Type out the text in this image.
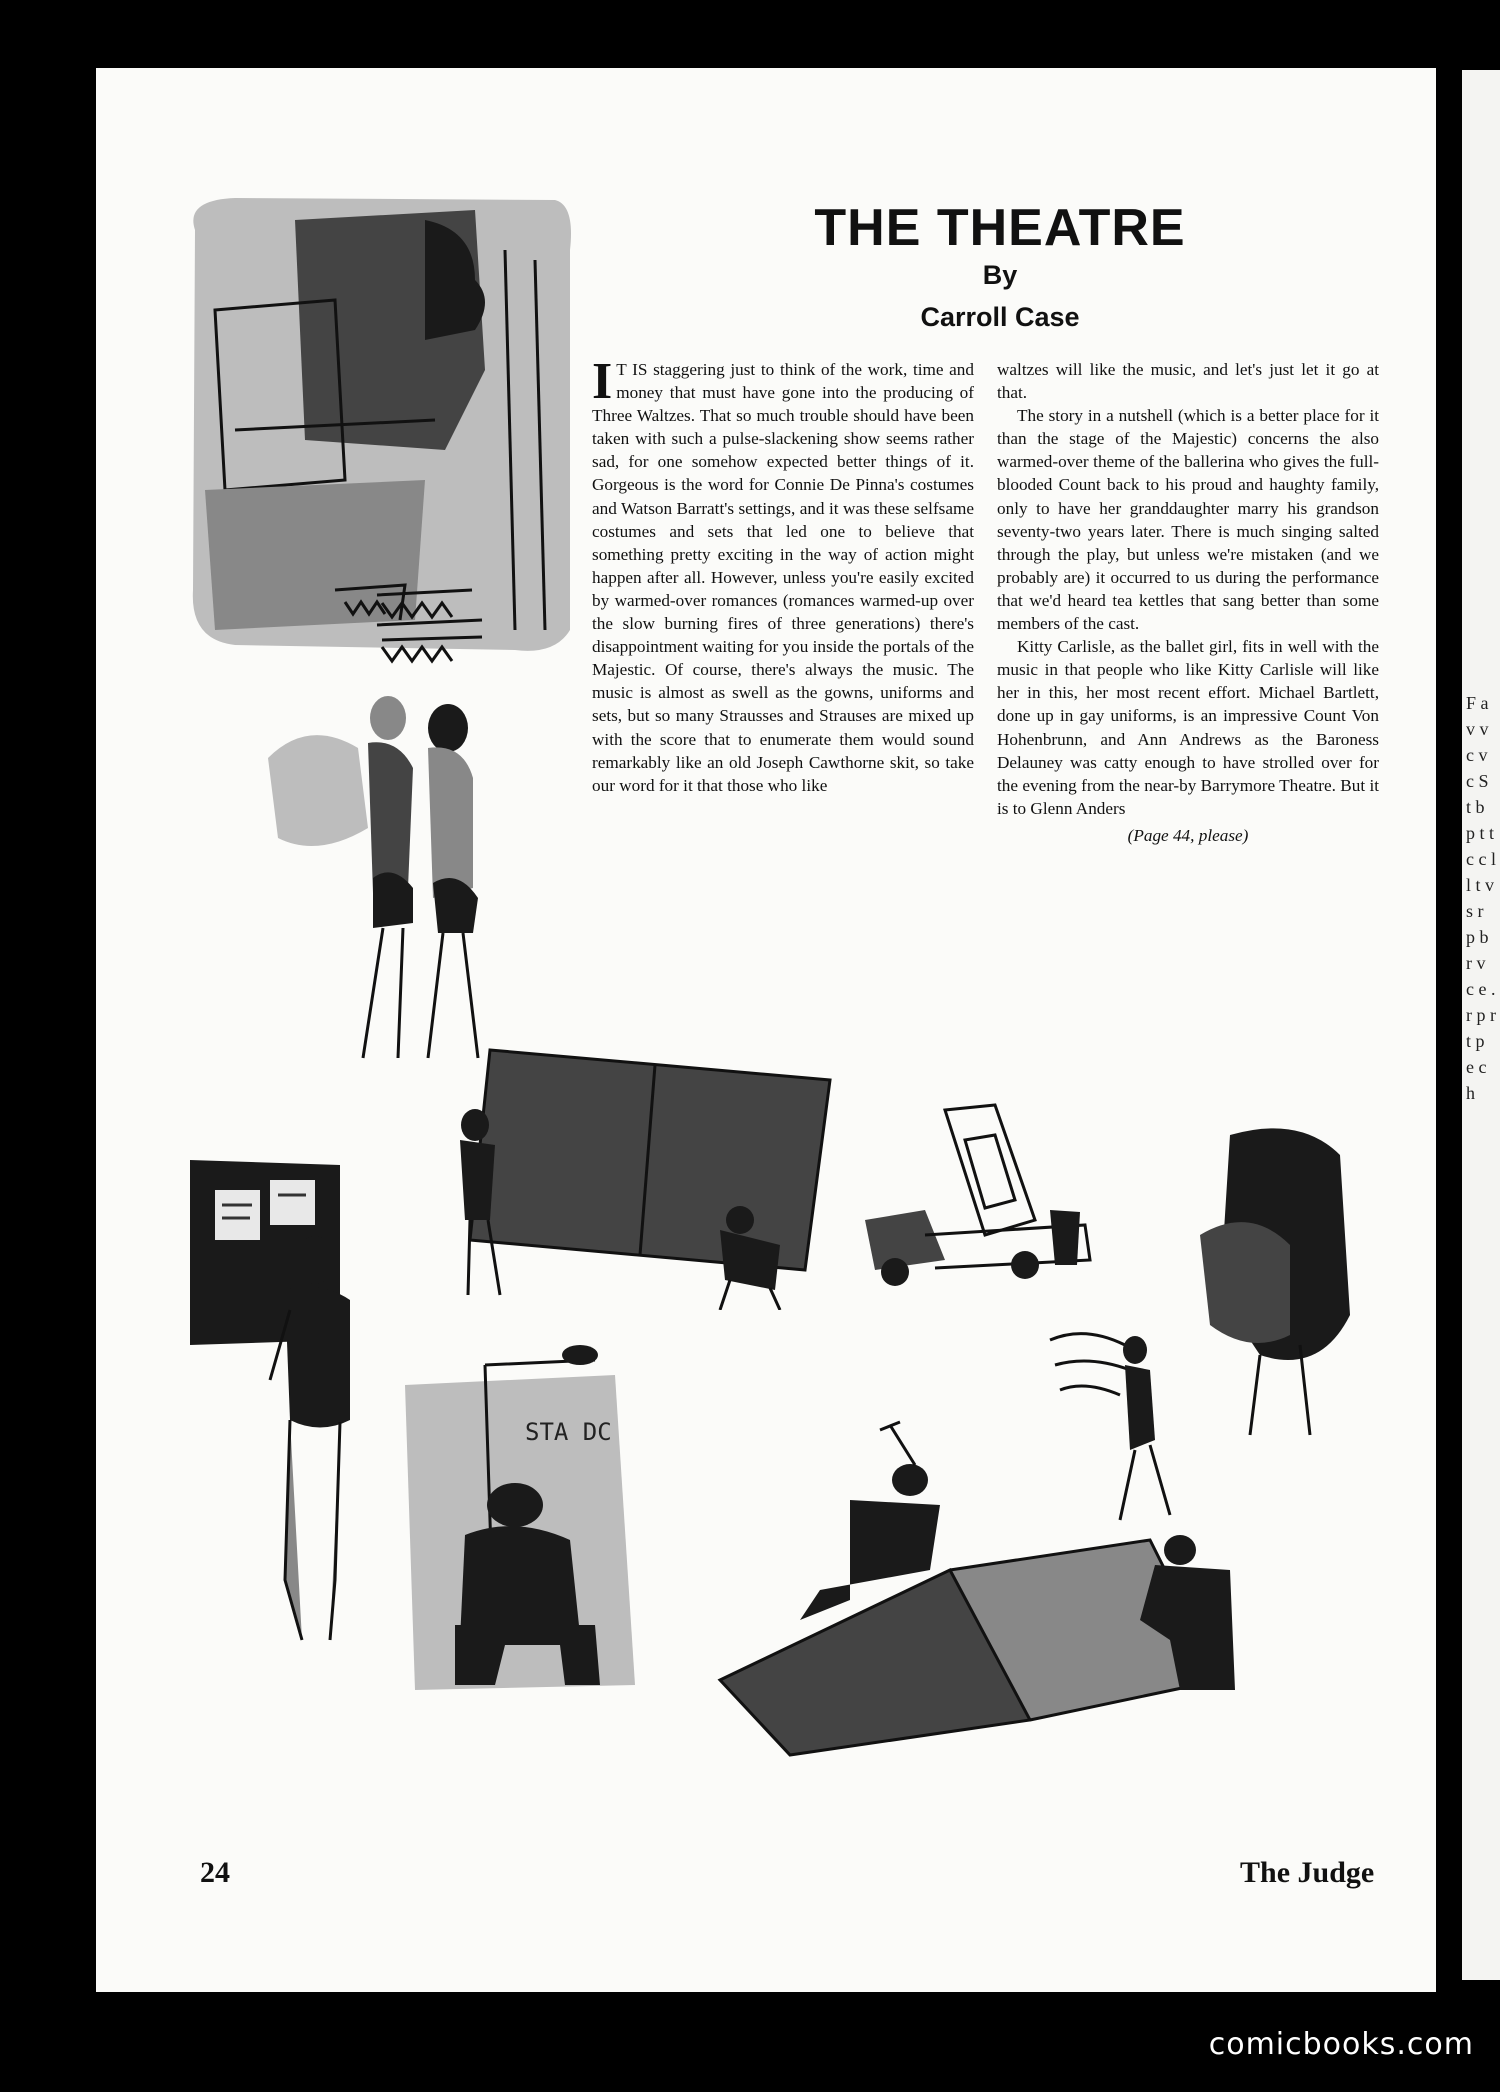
F a v v c v c S t b p t t c c l l t v s r p b r v c e . r p r t p e c h
STA DC
THE THEATRE
By
Carroll Case

I T IS staggering just to think of the work, time and money that must have gone into the producing of Three Waltzes. That so much trouble should have been taken with such a pulse-slackening show seems rather sad, for one somehow expected better things of it. Gorgeous is the word for Connie De Pinna's costumes and Watson Barratt's settings, and it was these selfsame costumes and sets that led one to believe that something pretty exciting in the way of action might happen after all. However, unless you're easily excited by warmed-over romances (romances warmed-up over the slow burning fires of three generations) there's disappointment waiting for you inside the portals of the Majestic. Of course, there's always the music. The music is almost as swell as the gowns, uniforms and sets, but so many Strausses and Strauses are mixed up with the score that to enumerate them would sound remarkably like an old Joseph Cawthorne skit, so take our word for it that those who like

waltzes will like the music, and let's just let it go at that.

The story in a nutshell (which is a better place for it than the stage of the Majestic) concerns the also warmed-over theme of the ballerina who gives the full-blooded Count back to his proud and haughty family, only to have her granddaughter marry his grandson seventy-two years later. There is much singing salted through the play, but unless we're mistaken (and we probably are) it occurred to us during the performance that we'd heard tea kettles that sang better than some members of the cast.

Kitty Carlisle, as the ballet girl, fits in well with the music in that people who like Kitty Carlisle will like her in this, her most recent effort. Michael Bartlett, done up in gay uniforms, is an impressive Count Von Hohenbrunn, and Ann Andrews as the Baroness Delauney was catty enough to have strolled over for the evening from the near-by Barrymore Theatre. But it is to Glenn Anders

(Page 44, please)

24	The Judge
comicbooks.com
